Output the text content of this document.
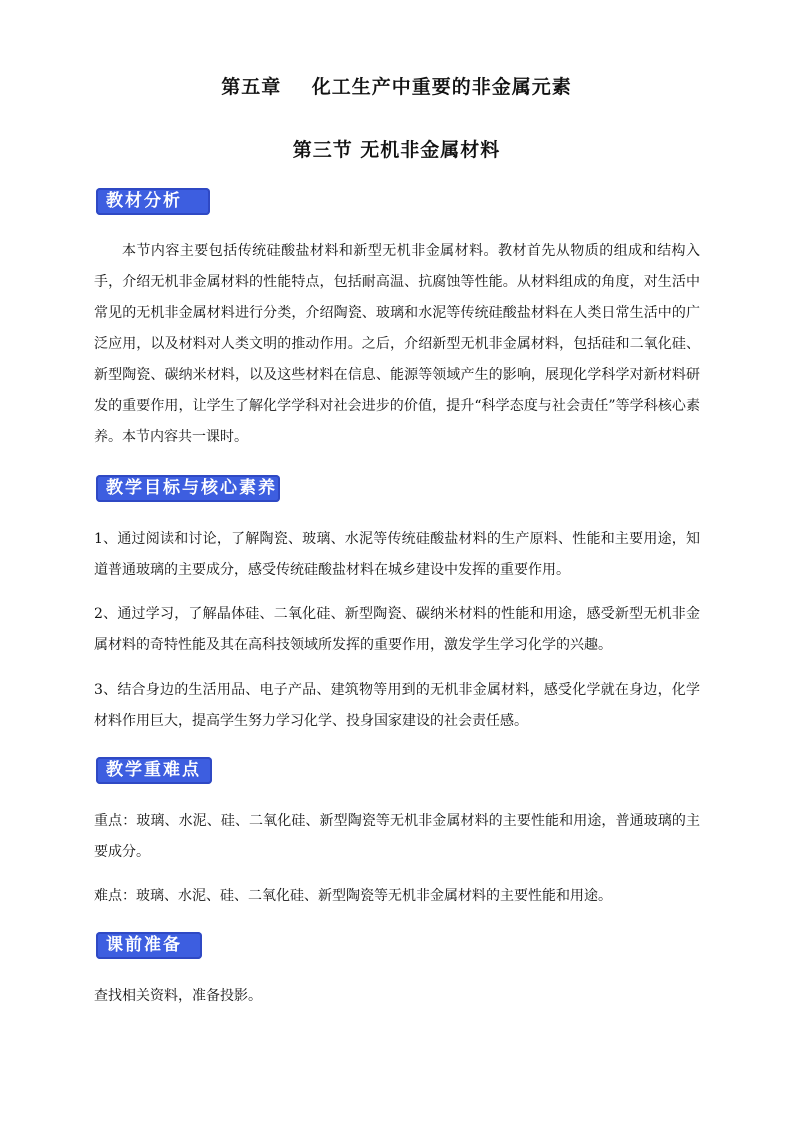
第五章    化工生产中重要的非金属元素
第三节 无机非金属材料
教材分析
本节内容主要包括传统硅酸盐材料和新型无机非金属材料。教材首先从物质的组成和结构入手，介绍无机非金属材料的性能特点，包括耐高温、抗腐蚀等性能。从材料组成的角度，对生活中常见的无机非金属材料进行分类，介绍陶瓷、玻璃和水泥等传统硅酸盐材料在人类日常生活中的广泛应用，以及材料对人类文明的推动作用。之后，介绍新型无机非金属材料，包括硅和二氧化硅、新型陶瓷、碳纳米材料，以及这些材料在信息、能源等领域产生的影响，展现化学科学对新材料研发的重要作用，让学生了解化学学科对社会进步的价值，提升“科学态度与社会责任”等学科核心素养。本节内容共一课时。
教学目标与核心素养
1、通过阅读和讨论，了解陶瓷、玻璃、水泥等传统硅酸盐材料的生产原料、性能和主要用途，知道普通玻璃的主要成分，感受传统硅酸盐材料在城乡建设中发挥的重要作用。
2、通过学习，了解晶体硅、二氧化硅、新型陶瓷、碳纳米材料的性能和用途，感受新型无机非金属材料的奇特性能及其在高科技领域所发挥的重要作用，激发学生学习化学的兴趣。
3、结合身边的生活用品、电子产品、建筑物等用到的无机非金属材料，感受化学就在身边，化学材料作用巨大，提高学生努力学习化学、投身国家建设的社会责任感。
教学重难点
重点：玻璃、水泥、硅、二氧化硅、新型陶瓷等无机非金属材料的主要性能和用途，普通玻璃的主要成分。
难点：玻璃、水泥、硅、二氧化硅、新型陶瓷等无机非金属材料的主要性能和用途。
课前准备
查找相关资料，准备投影。
